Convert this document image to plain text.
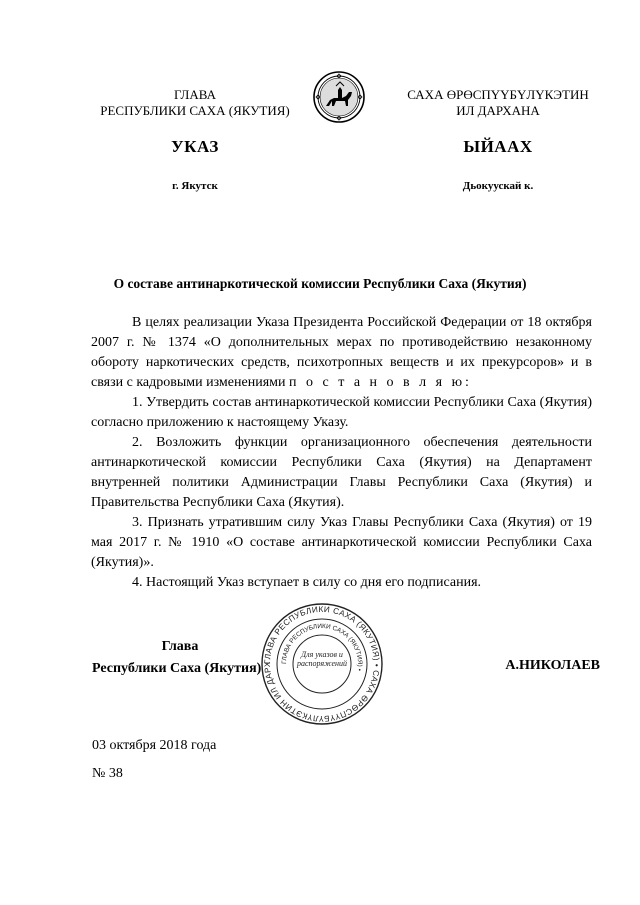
ГЛАВА
РЕСПУБЛИКИ САХА (ЯКУТИЯ)
САХА ӨРӨСПҮҮБҮЛҮКЭТИН
ИЛ ДАРХАНА
УКАЗ	ЫЙААХ
г. Якутск	Дьокуускай к.
О составе антинаркотической комиссии Республики Саха (Якутия)

В целях реализации Указа Президента Российской Федерации от 18 октября 2007 г. № 1374 «О дополнительных мерах по противодействию незаконному обороту наркотических средств, психотропных веществ и их прекурсоров» и в связи с кадровыми изменениями п о с т а н о в л я ю:

1. Утвердить состав антинаркотической комиссии Республики Саха (Якутия) согласно приложению к настоящему Указу.

2. Возложить функции организационного обеспечения деятельности антинаркотической комиссии Республики Саха (Якутия) на Департамент внутренней политики Администрации Главы Республики Саха (Якутия) и Правительства Республики Саха (Якутия).

3. Признать утратившим силу Указ Главы Республики Саха (Якутия) от 19 мая 2017 г. № 1910 «О составе антинаркотической комиссии Республики Саха (Якутия)».

4. Настоящий Указ вступает в силу со дня его подписания.

ГЛАВА РЕСПУБЛИКИ САХА (ЯКУТИЯ) • САХА ӨРӨСПҮҮБҮЛҮКЭТИН ИЛ ДАРХ	ГЛАВА РЕСПУБЛИКИ САХА (ЯКУТИЯ) •
Для указов и распоряжений
Глава
Республики Саха (Якутия)	А.НИКОЛАЕВ
03 октября 2018 года
№ 38
